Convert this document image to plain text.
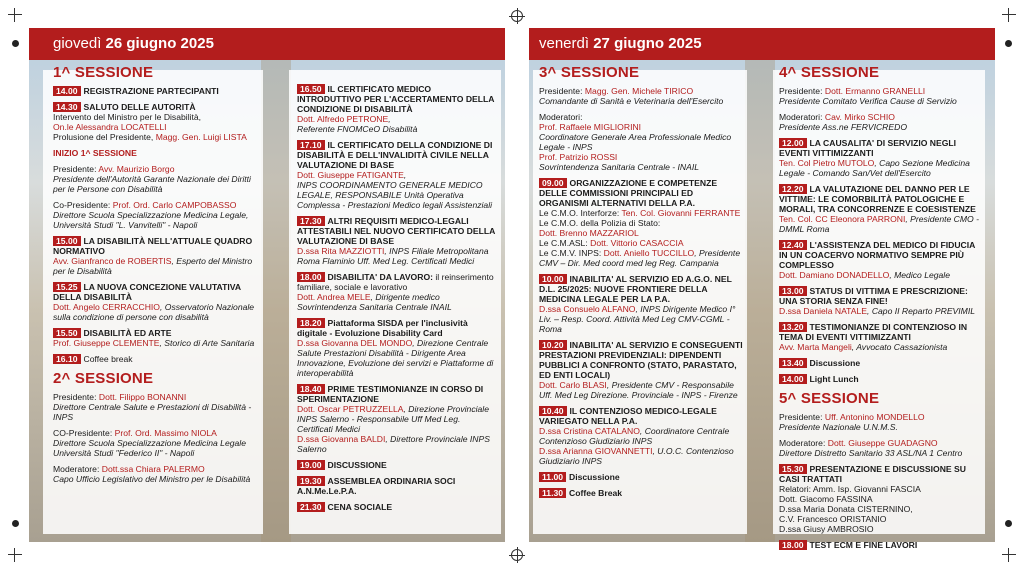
giovedì 26 giugno 2025
1^ SESSIONE
14.00 REGISTRAZIONE PARTECIPANTI
14.30 SALUTO DELLE AUTORITÀ
Intervento del Ministro per le Disabilità,
On.le Alessandra LOCATELLI
Prolusione del Presidente, Magg. Gen. Luigi LISTA
INIZIO 1^ SESSIONE
Presidente: Avv. Maurizio Borgo
Presidente dell'Autorità Garante Nazionale dei Diritti per le Persone con Disabilità
Co-Presidente: Prof. Ord. Carlo CAMPOBASSO
Direttore Scuola Specializzazione Medicina Legale, Università Studi "L. Vanvitelli" - Napoli
15.00 LA DISABILITÀ NELL'ATTUALE QUADRO NORMATIVO
Avv. Gianfranco de ROBERTIS, Esperto del Ministro per le Disabilità
15.25 LA NUOVA CONCEZIONE VALUTATIVA DELLA DISABILITÀ
Dott. Angelo CERRACCHIO, Osservatorio Nazionale sulla condizione di persone con disabilità
15.50 DISABILITÀ ED ARTE
Prof. Giuseppe CLEMENTE, Storico di Arte Sanitaria
16.10 Coffee break
2^ SESSIONE
Presidente: Dott. Filippo BONANNI
Direttore Centrale Salute e Prestazioni di Disabilità - INPS
CO-Presidente: Prof. Ord. Massimo NIOLA
Direttore Scuola Specializzazione Medicina Legale Università Studi "Federico II" - Napoli
Moderatore: Dott.ssa Chiara PALERMO
Capo Ufficio Legislativo del Ministro per le Disabilità
16.50 IL CERTIFICATO MEDICO INTRODUTTIVO PER L'ACCERTAMENTO DELLA CONDIZIONE DI DISABILITÀ
Dott. Alfredo PETRONE,
Referente FNOMCeO Disabilità
17.10 IL CERTIFICATO DELLA CONDIZIONE DI DISABILITÀ E DELL'INVALIDITÀ CIVILE NELLA VALUTAZIONE DI BASE
Dott. Giuseppe FATIGANTE,
INPS COORDINAMENTO GENERALE MEDICO LEGALE, RESPONSABILE Unità Operativa Complessa - Prestazioni Medico legali Assistenziali
17.30 ALTRI REQUISITI MEDICO-LEGALI ATTESTABILI NEL NUOVO CERTIFICATO DELLA VALUTAZIONE DI BASE
D.ssa Rita MAZZIOTTI, INPS Filiale Metropolitana Roma Flaminio Uff. Med Leg. Certificati Medici
18.00 DISABILITA' DA LAVORO: il reinserimento familiare, sociale e lavorativo
Dott. Andrea MELE, Dirigente medico Sovrintendenza Sanitaria Centrale INAIL
18.20 Piattaforma SISDA per l'inclusività digitale - Evoluzione Disability Card
D.ssa Giovanna DEL MONDO, Direzione Centrale Salute Prestazioni Disabilità - Dirigente Area Innovazione, Evoluzione dei servizi e Piattaforme di interoperabilità
18.40 PRIME TESTIMONIANZE IN CORSO DI SPERIMENTAZIONE
Dott. Oscar PETRUZZELLA, Direzione Provinciale INPS Salerno - Responsabile Uff Med Leg. Certificati Medici
D.ssa Giovanna BALDI, Direttore Provinciale INPS Salerno
19.00 DISCUSSIONE
19.30 ASSEMBLEA ORDINARIA SOCI
A.N.Me.Le.P.A.
21.30 CENA SOCIALE
venerdì 27 giugno 2025
3^ SESSIONE
Presidente: Magg. Gen. Michele TIRICO
Comandante di Sanità e Veterinaria dell'Esercito
Moderatori:
Prof. Raffaele MIGLIORINI
Coordinatore Generale Area Professionale Medico Legale - INPS
Prof. Patrizio ROSSI
Sovrintendenza Sanitaria Centrale - INAIL
09.00 ORGANIZZAZIONE E COMPETENZE DELLE COMMISSIONI PRINCIPALI ED ORGANISMI ALTERNATIVI DELLA P.A.
Le C.M.O. Interforze: Ten. Col. Giovanni FERRANTE
Le C.M.O. della Polizia di Stato:
Dott. Brenno MAZZARIOL
Le C.M.ASL: Dott. Vittorio CASACCIA
Le C.M.V. INPS: Dott. Aniello TUCCILLO, Presidente CMV – Dir. Med coord med leg Reg. Campania
10.00 INABILITA' AL SERVIZIO ED A.G.O. NEL D.L. 25/2025: NUOVE FRONTIERE DELLA MEDICINA LEGALE PER LA P.A.
D.ssa Consuelo ALFANO, INPS Dirigente Medico I° Liv. – Resp. Coord. Attività Med Leg CMV-CGML - Roma
10.20 INABILITA' AL SERVIZIO E CONSEGUENTI PRESTAZIONI PREVIDENZIALI: DIPENDENTI PUBBLICI A CONFRONTO (STATO, PARASTATO, ED ENTI LOCALI)
Dott. Carlo BLASI, Presidente CMV - Responsabile Uff. Med Leg Direzione. Provinciale - INPS - Firenze
10.40 IL CONTENZIOSO MEDICO-LEGALE VARIEGATO NELLA P.A.
D.ssa Cristina CATALANO, Coordinatore Centrale Contenzioso Giudiziario INPS
D.ssa Arianna GIOVANNETTI, U.O.C. Contenzioso Giudiziario INPS
11.00 Discussione
11.30 Coffee Break
4^ SESSIONE
Presidente: Dott. Ermanno GRANELLI
Presidente Comitato Verifica Cause di Servizio
Moderatori: Cav. Mirko SCHIO
Presidente Ass.ne FERVICREDO
12.00 LA CAUSALITA' DI SERVIZIO NEGLI EVENTI VITTIMIZZANTI
Ten. Col Pietro MUTOLO, Capo Sezione Medicina Legale - Comando San/Vet dell'Esercito
12.20 LA VALUTAZIONE DEL DANNO PER LE VITTIME: LE COMORBILITÀ PATOLOGICHE E MORALI, TRA CONCORRENZE E COESISTENZE
Ten. Col. CC Eleonora PARRONI, Presidente CMO - DMML Roma
12.40 L'ASSISTENZA DEL MEDICO DI FIDUCIA IN UN COACERVO NORMATIVO SEMPRE PIÙ COMPLESSO
Dott. Damiano DONADELLO, Medico Legale
13.00 STATUS DI VITTIMA E PRESCRIZIONE: UNA STORIA SENZA FINE!
D.ssa Daniela NATALE, Capo II Reparto PREVIMIL
13.20 TESTIMONIANZE DI CONTENZIOSO IN TEMA DI EVENTI VITTIMIZZANTI
Avv. Marta Mangeli, Avvocato Cassazionista
13.40 Discussione
14.00 Light Lunch
5^ SESSIONE
Presidente: Uff. Antonino MONDELLO
Presidente Nazionale U.N.M.S.
Moderatore: Dott. Giuseppe GUADAGNO
Direttore Distretto Sanitario 33 ASL/NA 1 Centro
15.30 PRESENTAZIONE E DISCUSSIONE SU CASI TRATTATI
Relatori: Amm. Isp. Giovanni FASCIA
Dott. Giacomo FASSINA
D.ssa Maria Donata CISTERNINO,
C.V. Francesco ORISTANIO
D.ssa Giusy AMBROSIO
18.00 TEST ECM E FINE LAVORI
